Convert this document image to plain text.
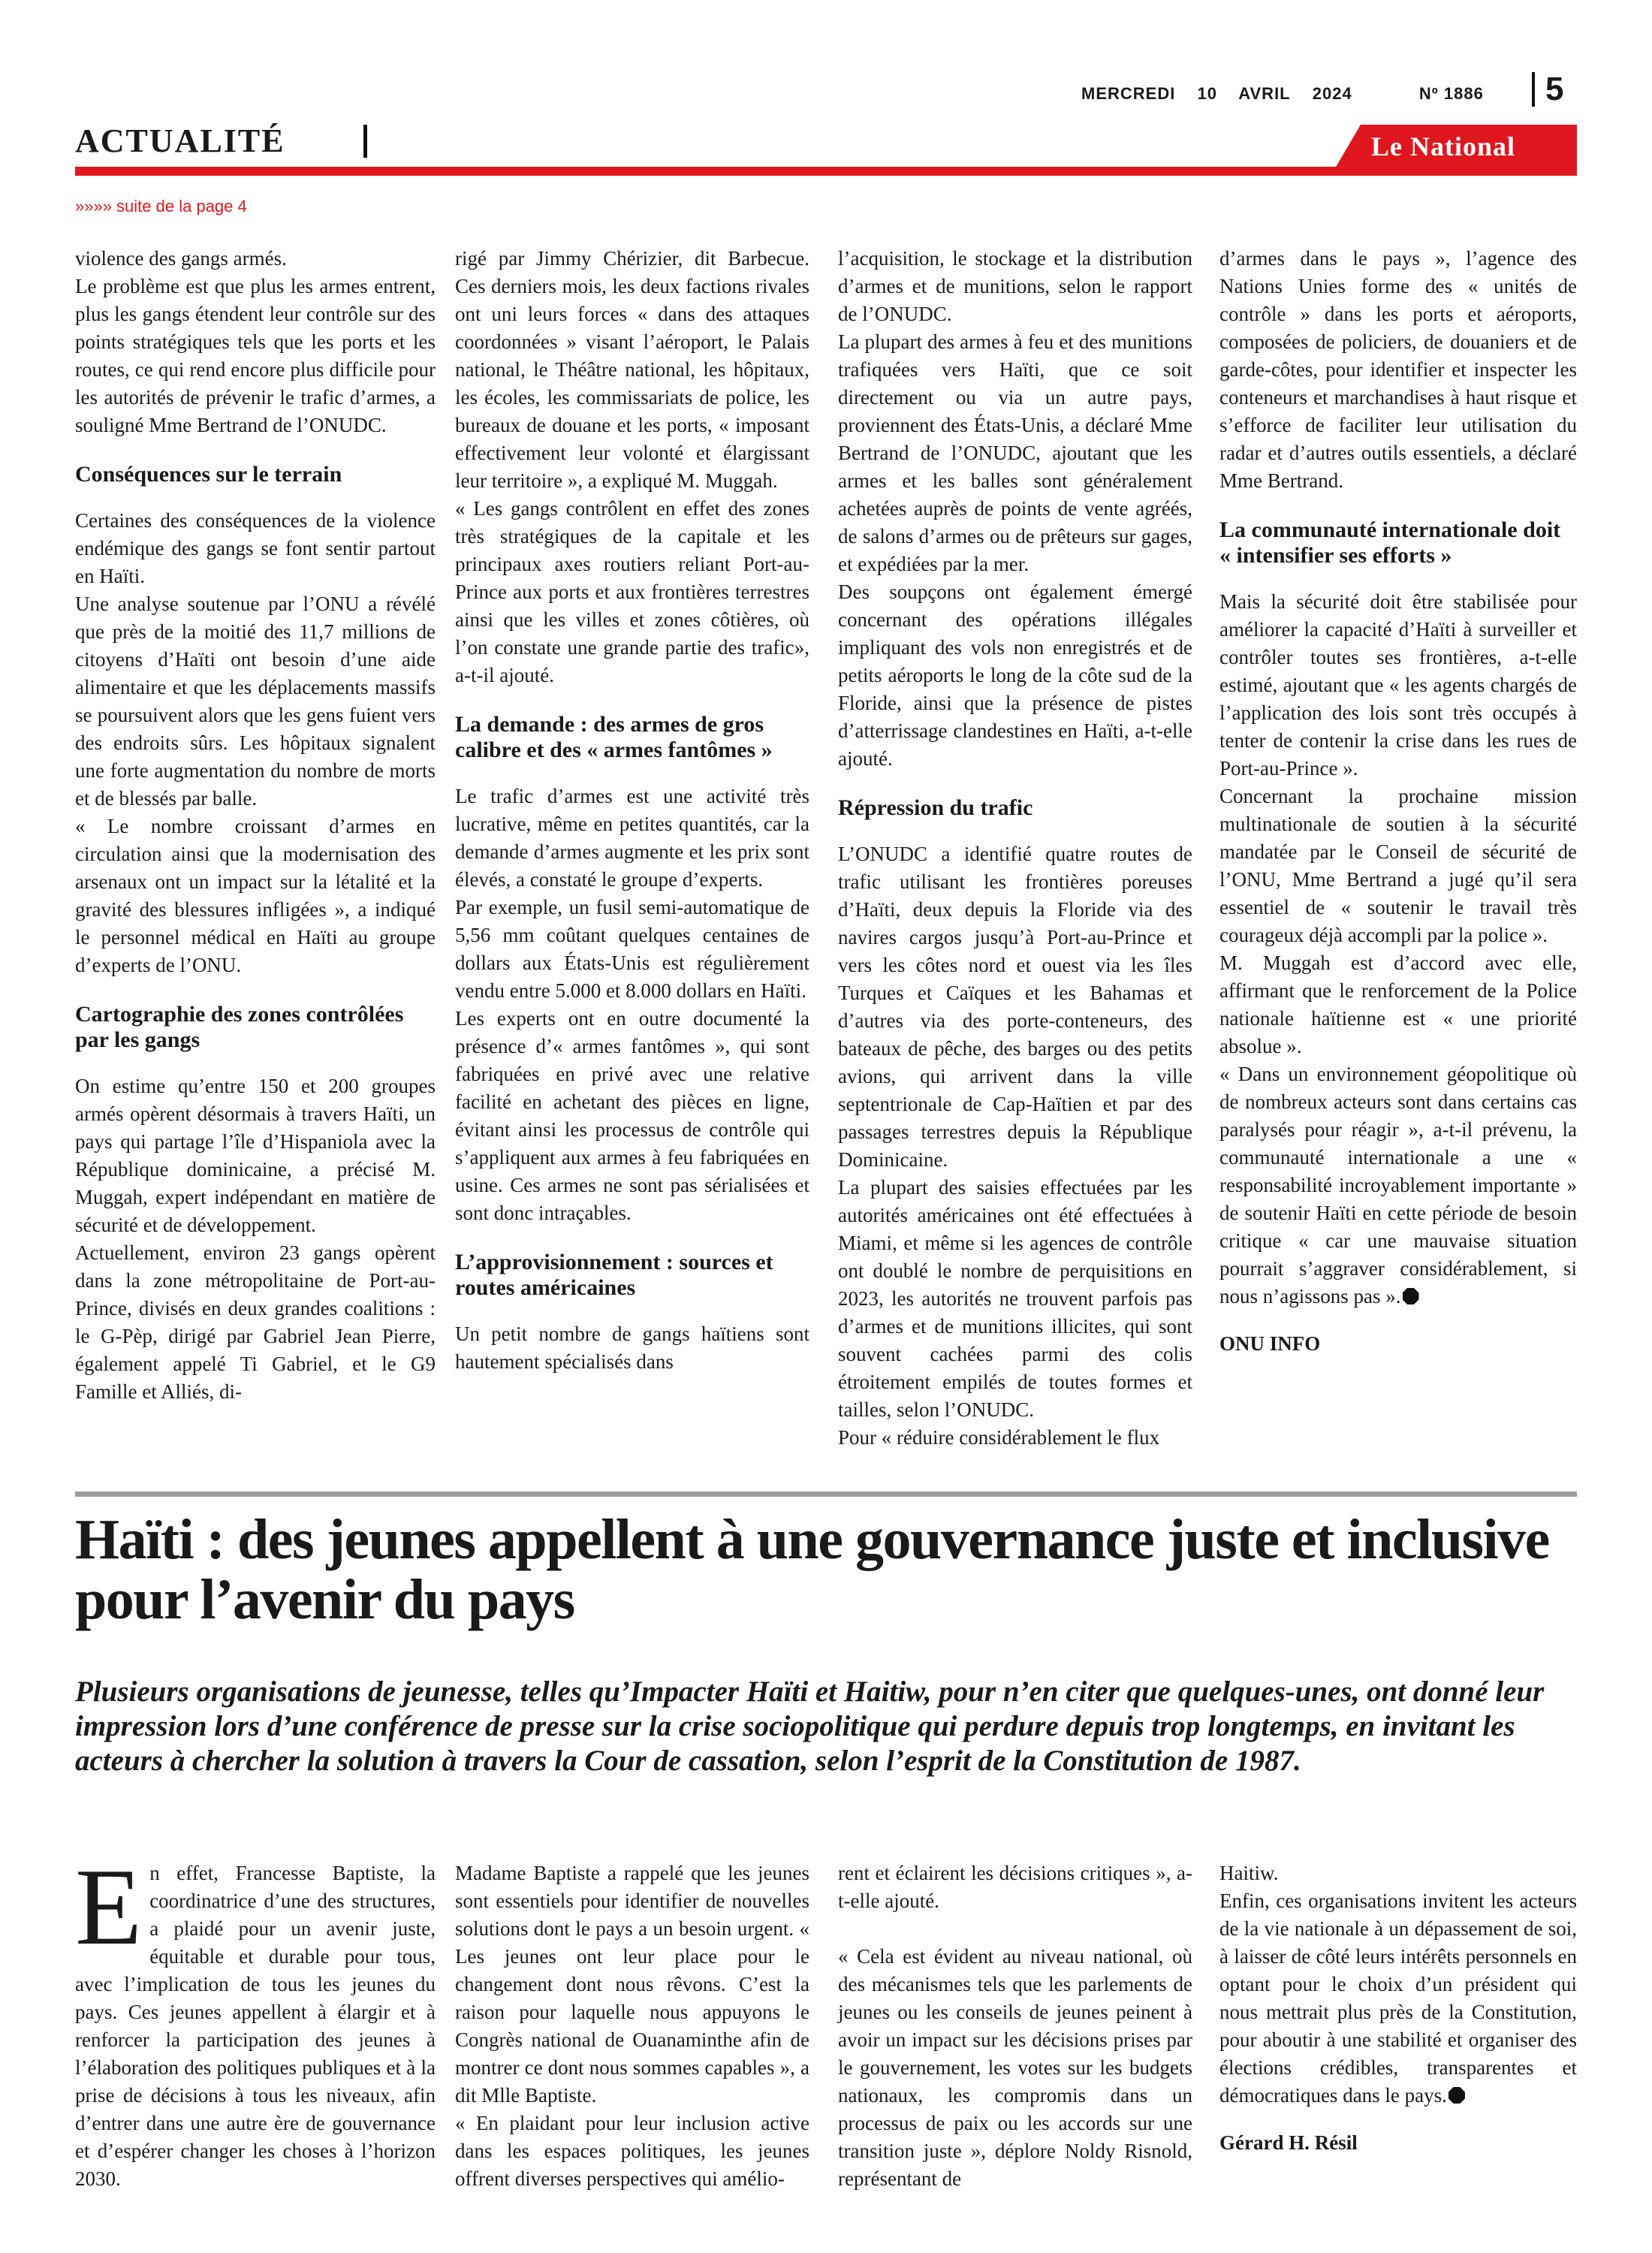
MERCREDI 10 AVRIL 2024	Nº 1886	5
ACTUALITÉ	Le National
»»»» suite de la page 4

violence des gangs armés.

Le problème est que plus les armes entrent, plus les gangs étendent leur contrôle sur des points stratégiques tels que les ports et les routes, ce qui rend encore plus difficile pour les autorités de prévenir le trafic d’armes, a souligné Mme Bertrand de l’ONUDC.

Conséquences sur le terrain

Certaines des conséquences de la violence endémique des gangs se font sentir partout en Haïti.

Une analyse soutenue par l’ONU a révélé que près de la moitié des 11,7 millions de citoyens d’Haïti ont besoin d’une aide alimentaire et que les déplacements massifs se poursuivent alors que les gens fuient vers des endroits sûrs. Les hôpitaux signalent une forte augmentation du nombre de morts et de blessés par balle.

« Le nombre croissant d’armes en circulation ainsi que la modernisation des arsenaux ont un impact sur la létalité et la gravité des blessures infligées », a indiqué le personnel médical en Haïti au groupe d’experts de l’ONU.

Cartographie des zones contrôlées par les gangs

On estime qu’entre 150 et 200 groupes armés opèrent désormais à travers Haïti, un pays qui partage l’île d’Hispaniola avec la République dominicaine, a précisé M. Muggah, expert indépendant en matière de sécurité et de développement.

Actuellement, environ 23 gangs opèrent dans la zone métropolitaine de Port-au-Prince, divisés en deux grandes coalitions : le G-Pèp, dirigé par Gabriel Jean Pierre, également appelé Ti Gabriel, et le G9 Famille et Alliés, di-

rigé par Jimmy Chérizier, dit Barbecue. Ces derniers mois, les deux factions rivales ont uni leurs forces « dans des attaques coordonnées » visant l’aéroport, le Palais national, le Théâtre national, les hôpitaux, les écoles, les commissariats de police, les bureaux de douane et les ports, « imposant effectivement leur volonté et élargissant leur territoire », a expliqué M. Muggah.

« Les gangs contrôlent en effet des zones très stratégiques de la capitale et les principaux axes routiers reliant Port-au-Prince aux ports et aux frontières terrestres ainsi que les villes et zones côtières, où l’on constate une grande partie des trafic», a-t-il ajouté.

La demande : des armes de gros calibre et des « armes fantômes »

Le trafic d’armes est une activité très lucrative, même en petites quantités, car la demande d’armes augmente et les prix sont élevés, a constaté le groupe d’experts.

Par exemple, un fusil semi-automatique de 5,56 mm coûtant quelques centaines de dollars aux États-Unis est régulièrement vendu entre 5.000 et 8.000 dollars en Haïti.

Les experts ont en outre documenté la présence d’« armes fantômes », qui sont fabriquées en privé avec une relative facilité en achetant des pièces en ligne, évitant ainsi les processus de contrôle qui s’appliquent aux armes à feu fabriquées en usine. Ces armes ne sont pas sérialisées et sont donc intraçables.

L’approvisionnement : sources et routes américaines

Un petit nombre de gangs haïtiens sont hautement spécialisés dans

l’acquisition, le stockage et la distribution d’armes et de munitions, selon le rapport de l’ONUDC.

La plupart des armes à feu et des munitions trafiquées vers Haïti, que ce soit directement ou via un autre pays, proviennent des États-Unis, a déclaré Mme Bertrand de l’ONUDC, ajoutant que les armes et les balles sont généralement achetées auprès de points de vente agréés, de salons d’armes ou de prêteurs sur gages, et expédiées par la mer.

Des soupçons ont également émergé concernant des opérations illégales impliquant des vols non enregistrés et de petits aéroports le long de la côte sud de la Floride, ainsi que la présence de pistes d’atterrissage clandestines en Haïti, a-t-elle ajouté.

Répression du trafic

L’ONUDC a identifié quatre routes de trafic utilisant les frontières poreuses d’Haïti, deux depuis la Floride via des navires cargos jusqu’à Port-au-Prince et vers les côtes nord et ouest via les îles Turques et Caïques et les Bahamas et d’autres via des porte-conteneurs, des bateaux de pêche, des barges ou des petits avions, qui arrivent dans la ville septentrionale de Cap-Haïtien et par des passages terrestres depuis la République Dominicaine.

La plupart des saisies effectuées par les autorités américaines ont été effectuées à Miami, et même si les agences de contrôle ont doublé le nombre de perquisitions en 2023, les autorités ne trouvent parfois pas d’armes et de munitions illicites, qui sont souvent cachées parmi des colis étroitement empilés de toutes formes et tailles, selon l’ONUDC.

Pour « réduire considérablement le flux

d’armes dans le pays », l’agence des Nations Unies forme des « unités de contrôle » dans les ports et aéroports, composées de policiers, de douaniers et de garde-côtes, pour identifier et inspecter les conteneurs et marchandises à haut risque et s’efforce de faciliter leur utilisation du radar et d’autres outils essentiels, a déclaré Mme Bertrand.

La communauté internationale doit « intensifier ses efforts »

Mais la sécurité doit être stabilisée pour améliorer la capacité d’Haïti à surveiller et contrôler toutes ses frontières, a-t-elle estimé, ajoutant que « les agents chargés de l’application des lois sont très occupés à tenter de contenir la crise dans les rues de Port-au-Prince ».

Concernant la prochaine mission multinationale de soutien à la sécurité mandatée par le Conseil de sécurité de l’ONU, Mme Bertrand a jugé qu’il sera essentiel de « soutenir le travail très courageux déjà accompli par la police ».

M. Muggah est d’accord avec elle, affirmant que le renforcement de la Police nationale haïtienne est « une priorité absolue ».

« Dans un environnement géopolitique où de nombreux acteurs sont dans certains cas paralysés pour réagir », a-t-il prévenu, la communauté internationale a une « responsabilité incroyablement importante » de soutenir Haïti en cette période de besoin critique « car une mauvaise situation pourrait s’aggraver considérablement, si nous n’agissons pas ».

ONU INFO
Haïti : des jeunes appellent à une gouvernance juste et inclusive pour l’avenir du pays
Plusieurs organisations de jeunesse, telles qu’Impacter Haïti et Haitiw, pour n’en citer que quelques-unes, ont donné leur impression lors d’une conférence de presse sur la crise sociopolitique qui perdure depuis trop longtemps, en invitant les acteurs à chercher la solution à travers la Cour de cassation, selon l’esprit de la Constitution de 1987.

En effet, Francesse Baptiste, la coordinatrice d’une des structures, a plaidé pour un avenir juste, équitable et durable pour tous, avec l’implication de tous les jeunes du pays. Ces jeunes appellent à élargir et à renforcer la participation des jeunes à l’élaboration des politiques publiques et à la prise de décisions à tous les niveaux, afin d’entrer dans une autre ère de gouvernance et d’espérer changer les choses à l’horizon 2030.

Madame Baptiste a rappelé que les jeunes sont essentiels pour identifier de nouvelles solutions dont le pays a un besoin urgent. « Les jeunes ont leur place pour le changement dont nous rêvons. C’est la raison pour laquelle nous appuyons le Congrès national de Ouanaminthe afin de montrer ce dont nous sommes capables », a dit Mlle Baptiste.

« En plaidant pour leur inclusion active dans les espaces politiques, les jeunes offrent diverses perspectives qui amélio-

rent et éclairent les décisions critiques », a-t-elle ajouté.

« Cela est évident au niveau national, où des mécanismes tels que les parlements de jeunes ou les conseils de jeunes peinent à avoir un impact sur les décisions prises par le gouvernement, les votes sur les budgets nationaux, les compromis dans un processus de paix ou les accords sur une transition juste », déplore Noldy Risnold, représentant de

Haitiw.

Enfin, ces organisations invitent les acteurs de la vie nationale à un dépassement de soi, à laisser de côté leurs intérêts personnels en optant pour le choix d’un président qui nous mettrait plus près de la Constitution, pour aboutir à une stabilité et organiser des élections crédibles, transparentes et démocratiques dans le pays.

Gérard H. Résil
